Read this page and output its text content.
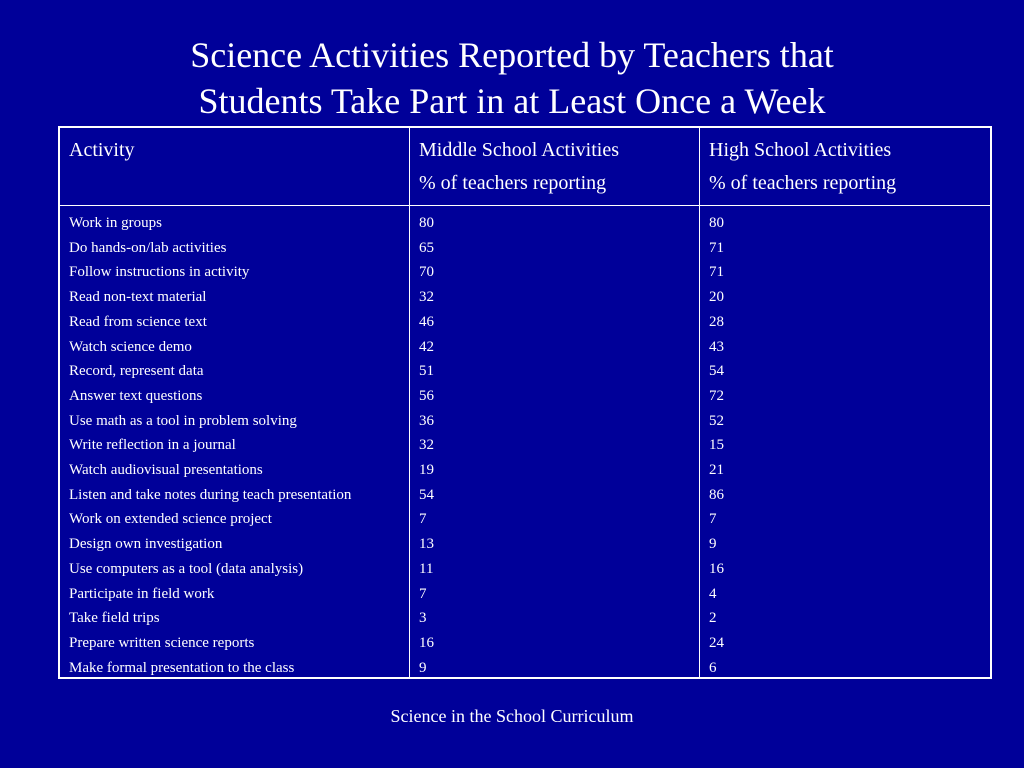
Science Activities Reported by Teachers that
Students Take Part in at Least Once a Week
Activity	Middle School Activities
% of teachers reporting
High School Activities
% of teachers reporting
Work in groups
Do hands-on/lab activities
Follow instructions in activity
Read non-text material
Read from science text
Watch science demo
Record, represent data
Answer text questions
Use math as a tool in problem solving
Write reflection in a journal
Watch audiovisual presentations
Listen and take notes during teach presentation
Work on extended science project
Design own investigation
Use computers as a tool (data analysis)
Participate in field work
Take field trips
Prepare written science reports
Make formal presentation to the class
80
65
70
32
46
42
51
56
36
32
19
54
7
13
11
7
3
16
9
80
71
71
20
28
43
54
72
52
15
21
86
7
9
16
4
2
24
6
Science in the School Curriculum
